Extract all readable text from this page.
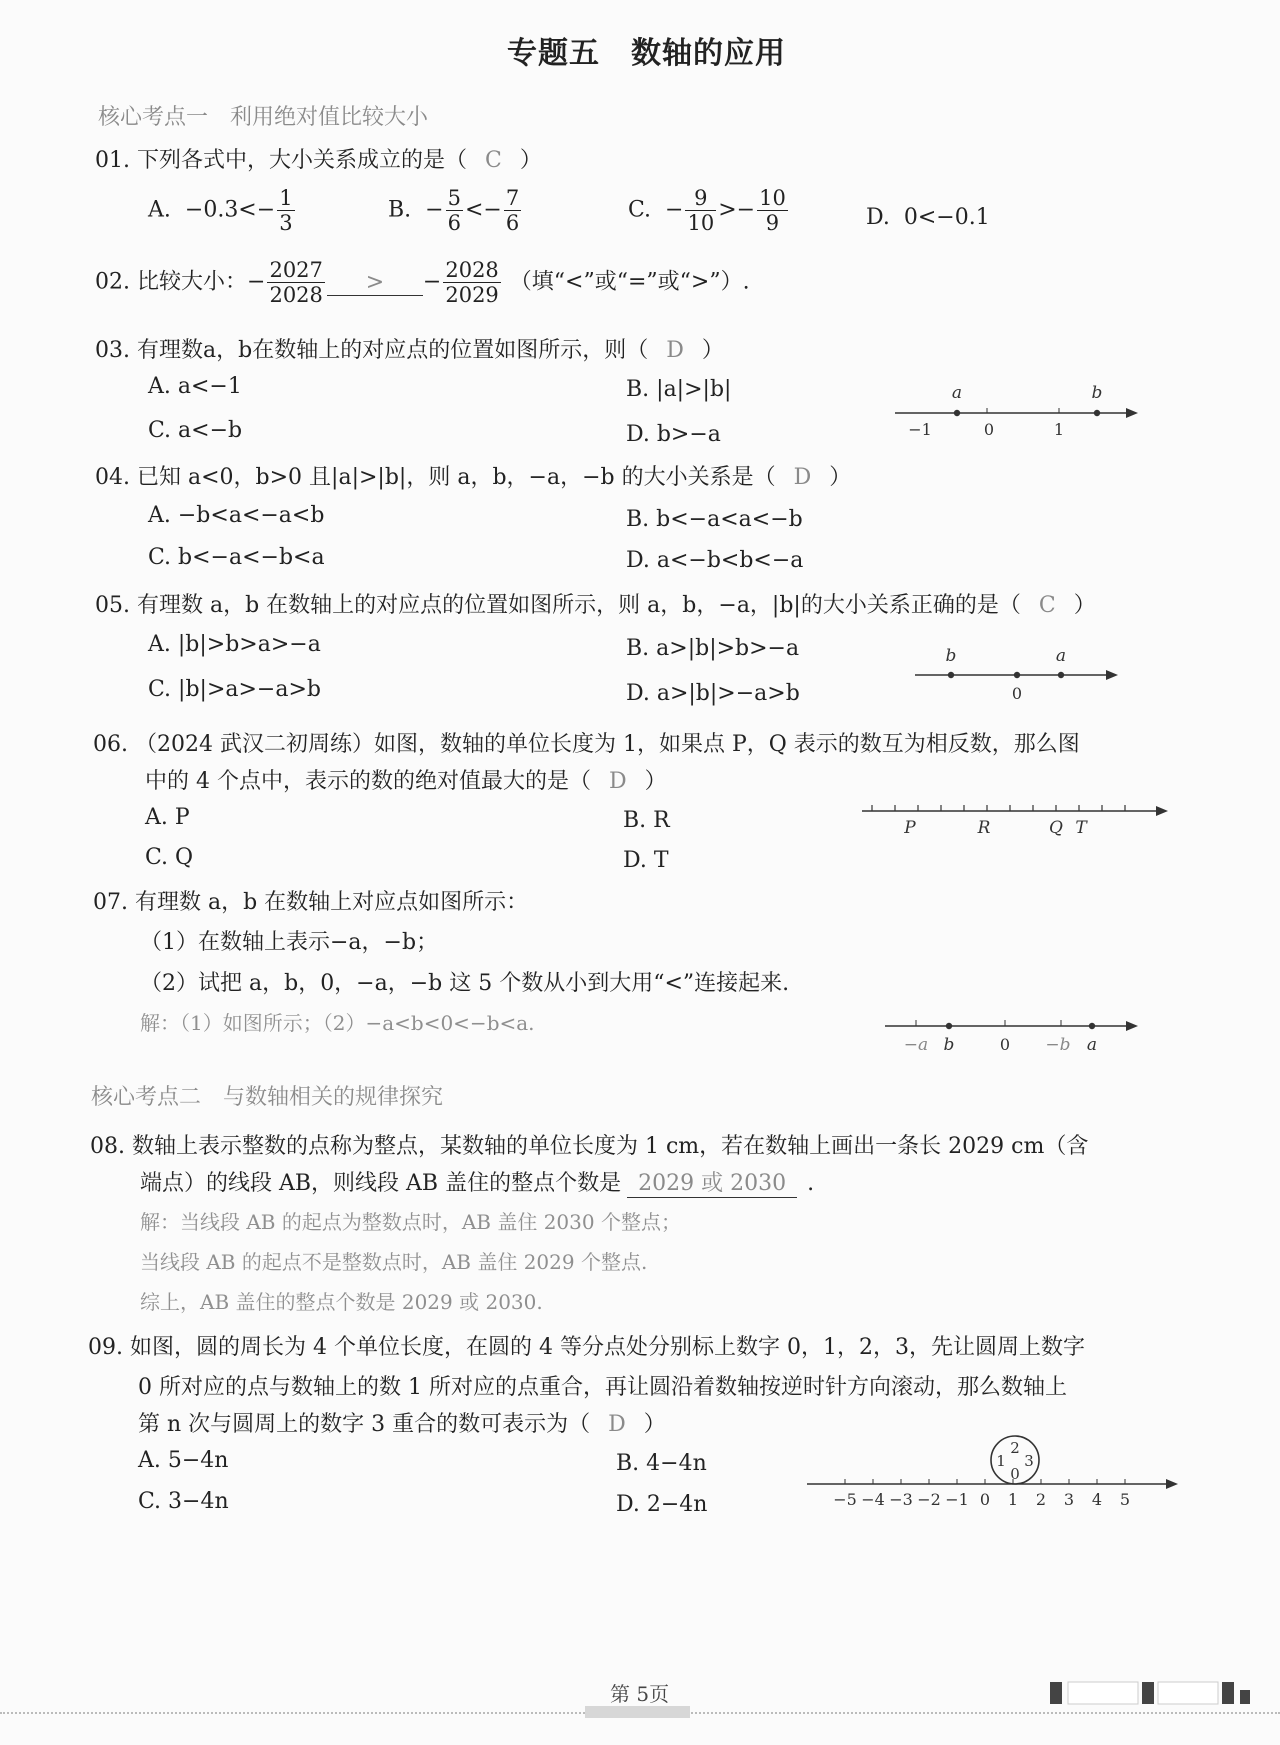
专题五　数轴的应用
核心考点一　利用绝对值比较大小
01. 下列各式中，大小关系成立的是（ C ）
A. $-0.3<- \frac{1}{3}$	B. − $\frac{5}{6} <- \frac{7}{6}$	C. − $\frac{9}{10} >- \frac{10}{9}$	D. 0<−0.1
02. 比较大小：− $\frac{2027}{2028}$ > − $\frac{2028}{2029}$ （填“<”或“=”或“>”）.
03. 有理数a，b在数轴上的对应点的位置如图所示，则（ D ）
A. a<−1	B. |a|>|b|
C. a<−b	D. b>−a
a	b
−1	0	1
04. 已知 a<0，b>0 且|a|>|b|，则 a，b，−a，−b 的大小关系是（ D ）
A. −b<a<−a<b	B. b<−a<a<−b
C. b<−a<−b<a	D. a<−b<b<−a
05. 有理数 a，b 在数轴上的对应点的位置如图所示，则 a，b，−a，|b|的大小关系正确的是（ C ）
A. |b|>b>a>−a	B. a>|b|>b>−a
C. |b|>a>−a>b	D. a>|b|>−a>b
b	a
0
06. （2024 武汉二初周练）如图，数轴的单位长度为 1，如果点 P，Q 表示的数互为相反数，那么图
中的 4 个点中，表示的数的绝对值最大的是（ D ）
A. P	B. R
C. Q	D. T
P	R	Q T
07. 有理数 a，b 在数轴上对应点如图所示：
（1）在数轴上表示−a，−b；
（2）试把 a，b，0，−a，−b 这 5 个数从小到大用“<”连接起来.
解：（1）如图所示；（2）−a<b<0<−b<a.
−a b	0 −b a
核心考点二　与数轴相关的规律探究
08. 数轴上表示整数的点称为整点，某数轴的单位长度为 1 cm，若在数轴上画出一条长 2029 cm（含
端点）的线段 AB，则线段 AB 盖住的整点个数是 2029 或 2030 .
解：当线段 AB 的起点为整数点时，AB 盖住 2030 个整点；
当线段 AB 的起点不是整数点时，AB 盖住 2029 个整点.
综上，AB 盖住的整点个数是 2029 或 2030.
09. 如图，圆的周长为 4 个单位长度，在圆的 4 等分点处分别标上数字 0，1，2，3，先让圆周上数字
0 所对应的点与数轴上的数 1 所对应的点重合，再让圆沿着数轴按逆时针方向滚动，那么数轴上
第 n 次与圆周上的数字 3 重合的数可表示为（ D ）
A. 5−4n	B. 4−4n
C. 3−4n	D. 2−4n
2
1 3
0
−5 −4 −3 −2 −1 0 1 2 3 4 5
第 5页
